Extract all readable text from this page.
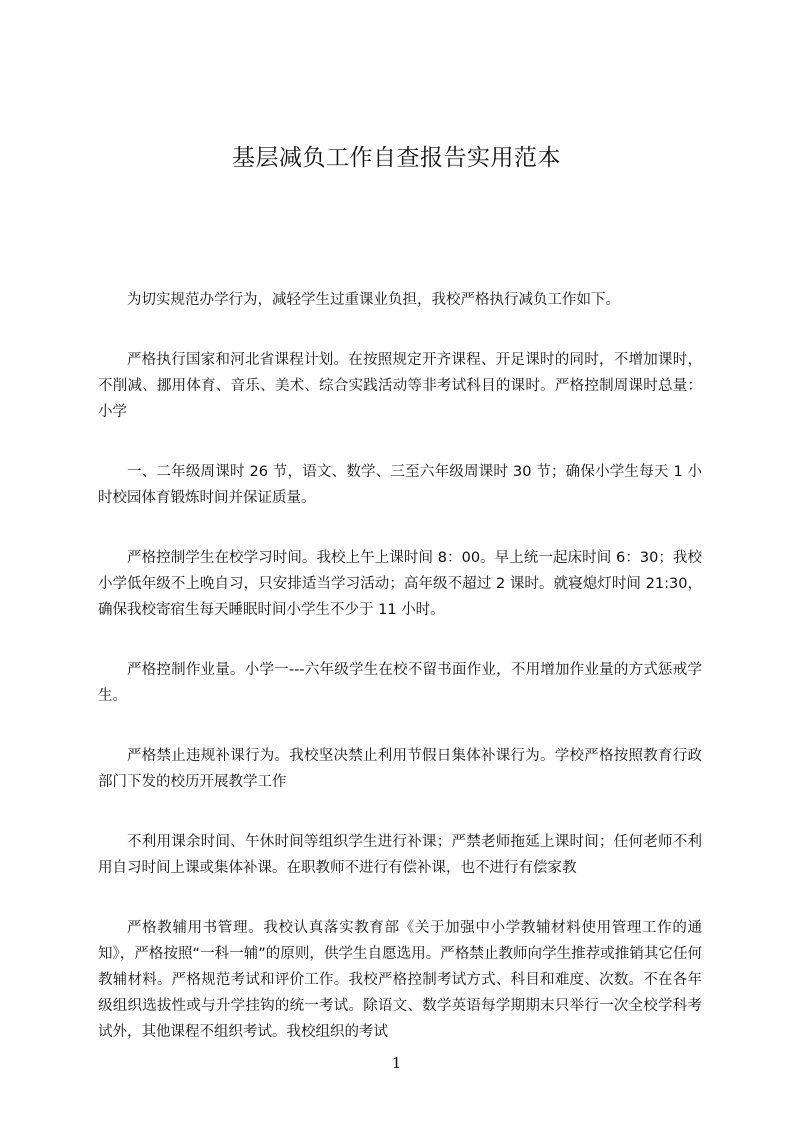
基层减负工作自查报告实用范本

为切实规范办学行为，减轻学生过重课业负担，我校严格执行减负工作如下。

严格执行国家和河北省课程计划。在按照规定开齐课程、开足课时的同时，不增加课时，不削减、挪用体育、音乐、美术、综合实践活动等非考试科目的课时。严格控制周课时总量：小学

一、二年级周课时 26 节，语文、数学、三至六年级周课时 30 节；确保小学生每天 1 小时校园体育锻炼时间并保证质量。

严格控制学生在校学习时间。我校上午上课时间 8：00。早上统一起床时间 6：30；我校小学低年级不上晚自习，只安排适当学习活动；高年级不超过 2 课时。就寝熄灯时间 21:30，确保我校寄宿生每天睡眠时间小学生不少于 11 小时。

严格控制作业量。小学一---六年级学生在校不留书面作业，不用增加作业量的方式惩戒学生。

严格禁止违规补课行为。我校坚决禁止利用节假日集体补课行为。学校严格按照教育行政部门下发的校历开展教学工作

不利用课余时间、午休时间等组织学生进行补课；严禁老师拖延上课时间；任何老师不利用自习时间上课或集体补课。在职教师不进行有偿补课，也不进行有偿家教

严格教辅用书管理。我校认真落实教育部《关于加强中小学教辅材料使用管理工作的通知》，严格按照“一科一辅”的原则，供学生自愿选用。严格禁止教师向学生推荐或推销其它任何教辅材料。严格规范考试和评价工作。我校严格控制考试方式、科目和难度、次数。不在各年级组织选拔性或与升学挂钩的统一考试。除语文、数学英语每学期期末只举行一次全校学科考试外，其他课程不组织考试。我校组织的考试

1
